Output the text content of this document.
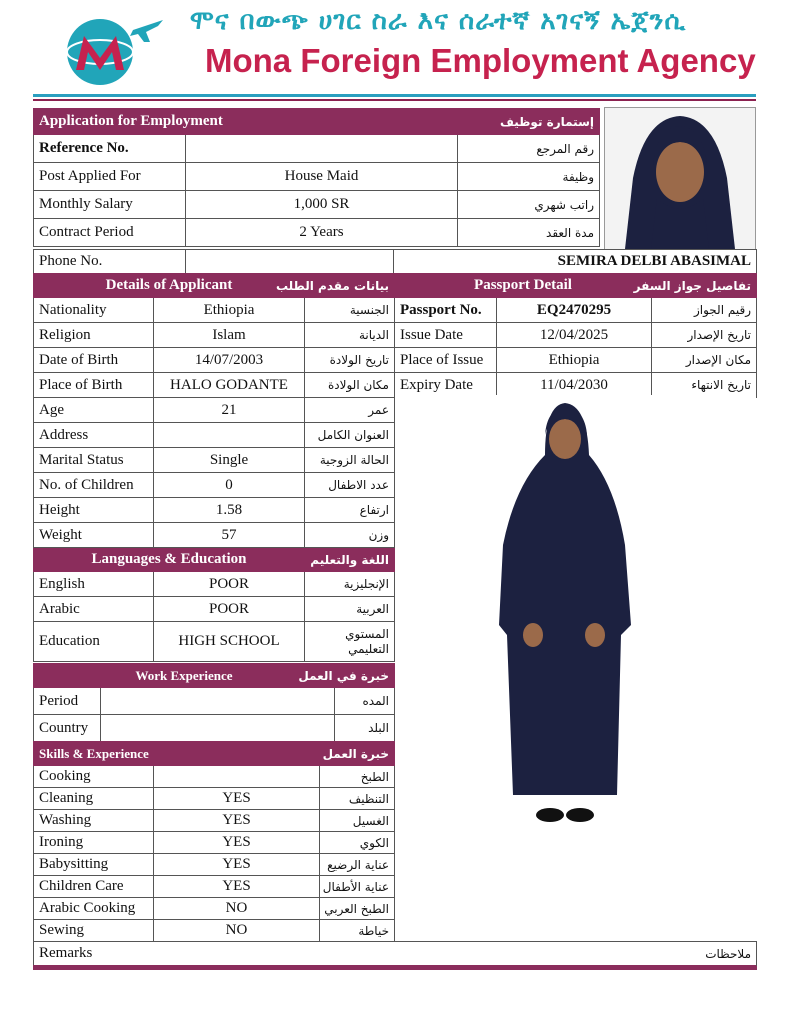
ሞና በውጭ ሀገር ስራ እና ሰራተኛ አገናኝ ኤጀንሲ
Mona Foreign Employment Agency
Application for Employment		إستمارة توظيف
Reference No.		رقم المرجع
Post Applied For	House Maid	وظيفة
Monthly Salary	1,000 SR	راتب شهري
Contract Period	2 Years	مدة العقد
Phone No.		SEMIRA DELBI ABASIMAL
Details of Applicant		بيانات مقدم الطلب
Nationality	Ethiopia	الجنسية
Religion	Islam	الديانة
Date of Birth	14/07/2003	تاريخ الولادة
Place of Birth	HALO GODANTE	مكان الولادة
Age	21	عمر
Address		العنوان الكامل
Marital Status	Single	الحالة الزوجية
No. of Children	0	عدد الاطفال
Height	1.58	ارتفاع
Weight	57	وزن
Languages & Education		اللغة والتعليم
English	POOR	الإنجليزية
Arabic	POOR	العربية
Education	HIGH SCHOOL	المستوي التعليمي
Work Experience		خبرة في العمل
Period		المده
Country		البلد
Skills & Experience		خبرة العمل
Cooking		الطبخ
Cleaning	YES	التنظيف
Washing	YES	الغسيل
Ironing	YES	الكوي
Babysitting	YES	عناية الرضيع
Children Care	YES	عناية الأطفال
Arabic Cooking	NO	الطبخ العربي
Sewing	NO	خياطة
Passport Detail		تفاصيل جواز السفر
Passport No.	EQ2470295	رقيم الجواز
Issue Date	12/04/2025	تاريخ الإصدار
Place of Issue	Ethiopia	مكان الإصدار
Expiry Date	11/04/2030	تاريخ الانتهاء
Remarks	ملاحظات
